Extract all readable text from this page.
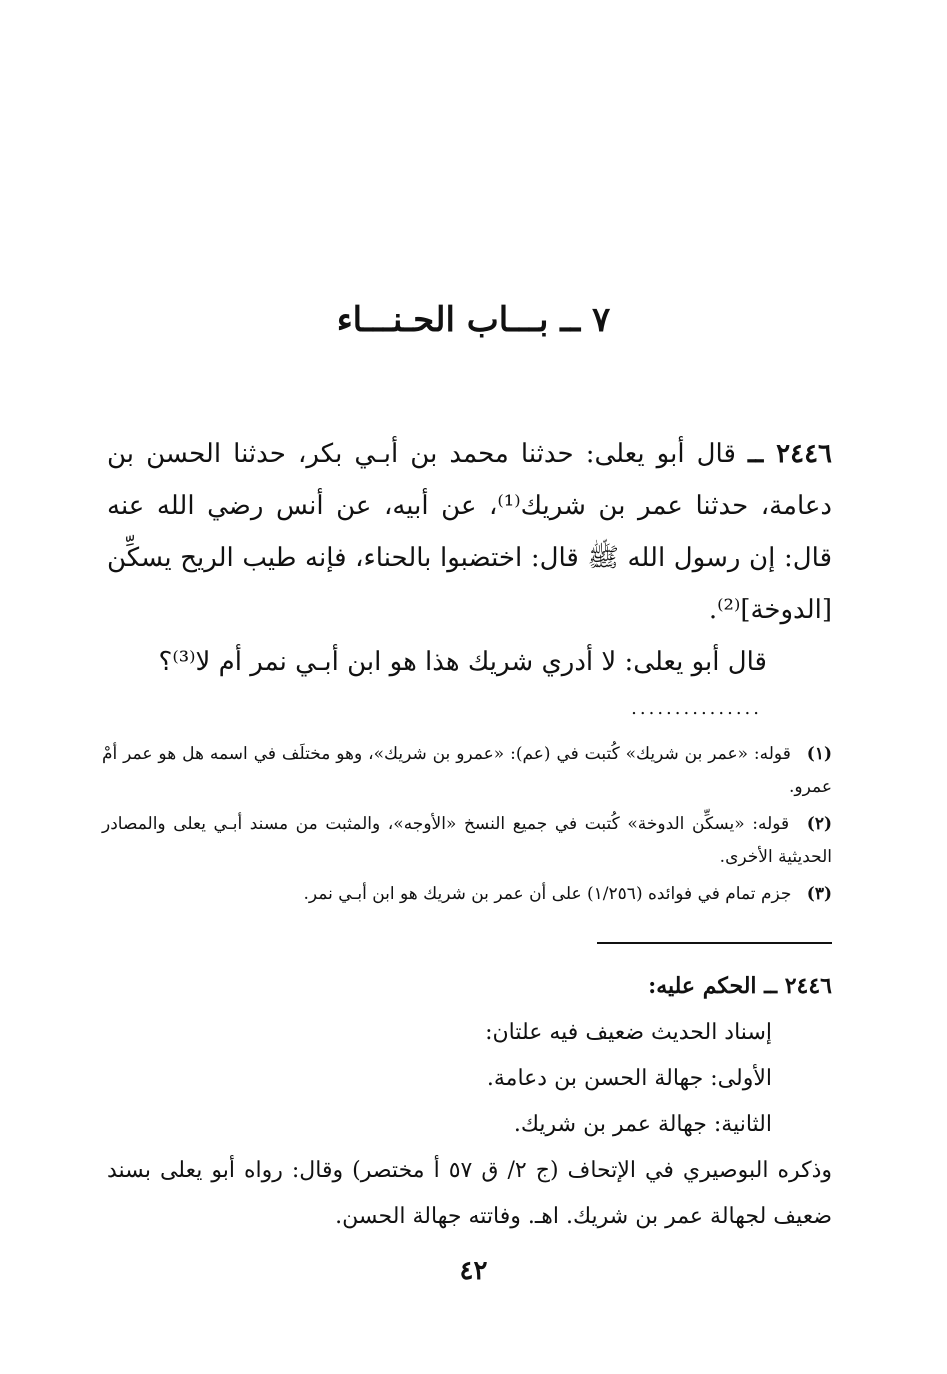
٧ ــ بـــاب الحـنـــاء

٢٤٤٦ ــ قال أبو يعلى: حدثنا محمد بن أبـي بكر، حدثنا الحسن بن دعامة، حدثنا عمر بن شريك⁽¹⁾، عن أبيه، عن أنس رضي الله عنه قال: إن رسول الله ﷺ قال: اختضبوا بالحناء، فإنه طيب الريح يسكِّن [الدوخة]⁽²⁾.

قال أبو يعلى: لا أدري شريك هذا هو ابن أبـي نمر أم لا⁽³⁾؟

...............
(١) قوله: «عمر بن شريك» كُتبت في (عم): «عمرو بن شريك»، وهو مختلَف في اسمه هل هو عمر أمْ عمرو.
(٢) قوله: «يسكِّن الدوخة» كُتبت في جميع النسخ «الأوجه»، والمثبت من مسند أبـي يعلى والمصادر الحديثية الأخرى.
(٣) جزم تمام في فوائده (١/٢٥٦) على أن عمر بن شريك هو ابن أبـي نمر.
٢٤٤٦ ــ الحكم عليه:

إسناد الحديث ضعيف فيه علتان:

الأولى: جهالة الحسن بن دعامة.

الثانية: جهالة عمر بن شريك.

وذكره البوصيري في الإتحاف (ج ٢/ ق ٥٧ أ مختصر) وقال: رواه أبو يعلى بسند ضعيف لجهالة عمر بن شريك. اهـ. وفاتته جهالة الحسن.

٤٢
